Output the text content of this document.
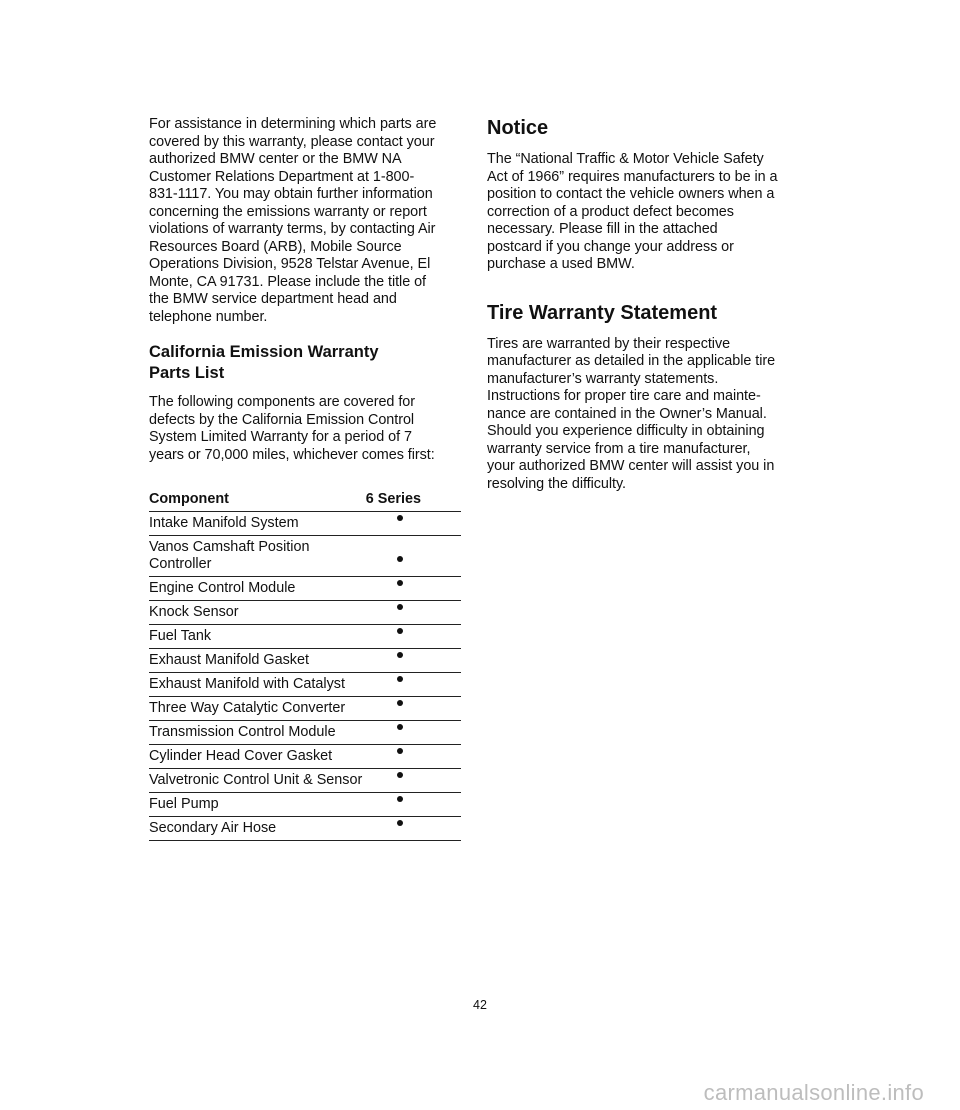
For assistance in determining which parts are
covered by this warranty, please contact your
authorized BMW center or the BMW NA
Customer Relations Department at 1-800-
831-1117. You may obtain further information
concerning the emissions warranty or report
violations of warranty terms, by contacting Air
Resources Board (ARB), Mobile Source
Operations Division, 9528 Telstar Avenue, El
Monte, CA 91731. Please include the title of
the BMW service department head and
telephone number.

California Emission Warranty
Parts List

The following components are covered for
defects by the California Emission Control
System Limited Warranty for a period of 7
years or 70,000 miles, whichever comes first:

Component	6 Series
Intake Manifold System
Vanos Camshaft Position
Controller
Engine Control Module
Knock Sensor
Fuel Tank
Exhaust Manifold Gasket
Exhaust Manifold with Catalyst
Three Way Catalytic Converter
Transmission Control Module
Cylinder Head Cover Gasket
Valvetronic Control Unit & Sensor
Fuel Pump
Secondary Air Hose
Notice

The “National Traffic & Motor Vehicle Safety
Act of 1966” requires manufacturers to be in a
position to contact the vehicle owners when a
correction of a product defect becomes
necessary. Please fill in the attached
postcard if you change your address or
purchase a used BMW.

Tire Warranty Statement

Tires are warranted by their respective
manufacturer as detailed in the applicable tire
manufacturer’s warranty statements.
Instructions for proper tire care and mainte-
nance are contained in the Owner’s Manual.
Should you experience difficulty in obtaining
warranty service from a tire manufacturer,
your authorized BMW center will assist you in
resolving the difficulty.

42
carmanualsonline.info
